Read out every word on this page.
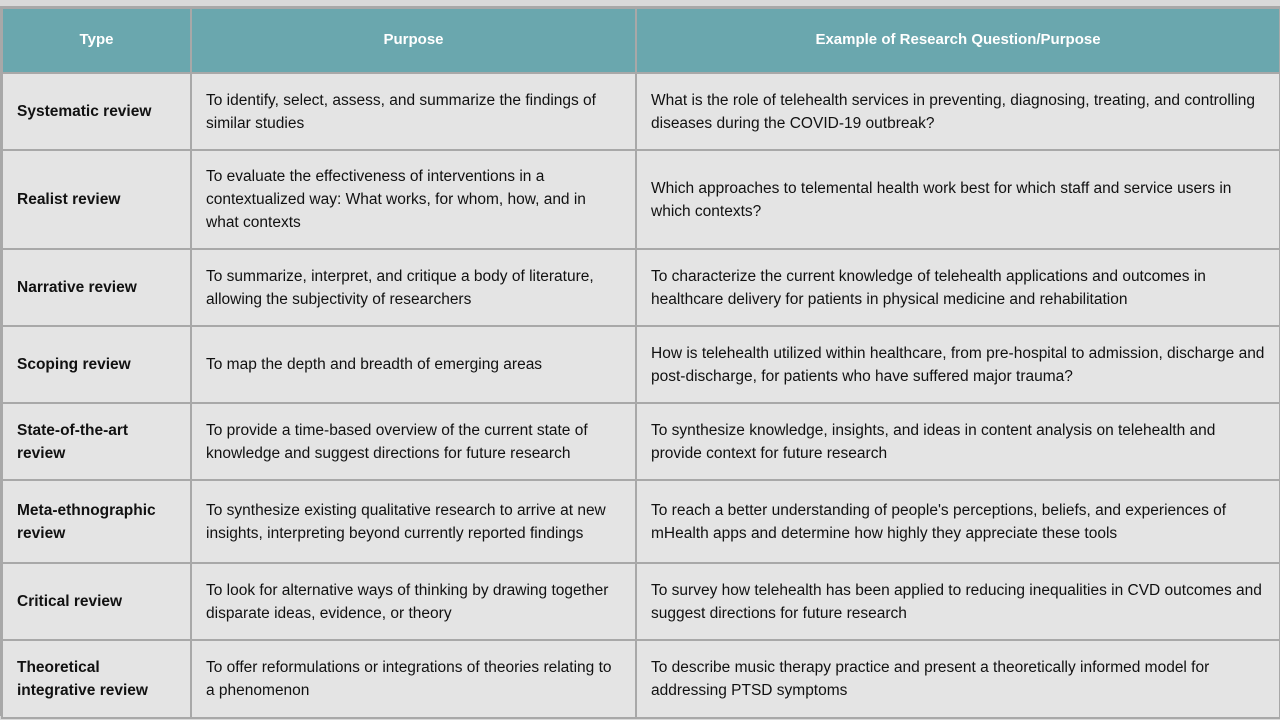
Type	Purpose	Example of Research Question/Purpose
Systematic review	To identify, select, assess, and summarize the findings of similar studies	What is the role of telehealth services in preventing, diagnosing, treating, and controlling diseases during the COVID-19 outbreak?
Realist review	To evaluate the effectiveness of interventions in a contextualized way: What works, for whom, how, and in what contexts	Which approaches to telemental health work best for which staff and service users in which contexts?
Narrative review	To summarize, interpret, and critique a body of literature, allowing the subjectivity of researchers	To characterize the current knowledge of telehealth applications and outcomes in healthcare delivery for patients in physical medicine and rehabilitation
Scoping review	To map the depth and breadth of emerging areas	How is telehealth utilized within healthcare, from pre-hospital to admission, discharge and post-discharge, for patients who have suffered major trauma?
State-of-the-art review	To provide a time-based overview of the current state of knowledge and suggest directions for future research	To synthesize knowledge, insights, and ideas in content analysis on telehealth and provide context for future research
Meta-ethnographic review	To synthesize existing qualitative research to arrive at new insights, interpreting beyond currently reported findings	To reach a better understanding of people's perceptions, beliefs, and experiences of mHealth apps and determine how highly they appreciate these tools
Critical review	To look for alternative ways of thinking by drawing together disparate ideas, evidence, or theory	To survey how telehealth has been applied to reducing inequalities in CVD outcomes and suggest directions for future research
Theoretical integrative review	To offer reformulations or integrations of theories relating to a phenomenon	To describe music therapy practice and present a theoretically informed model for addressing PTSD symptoms
